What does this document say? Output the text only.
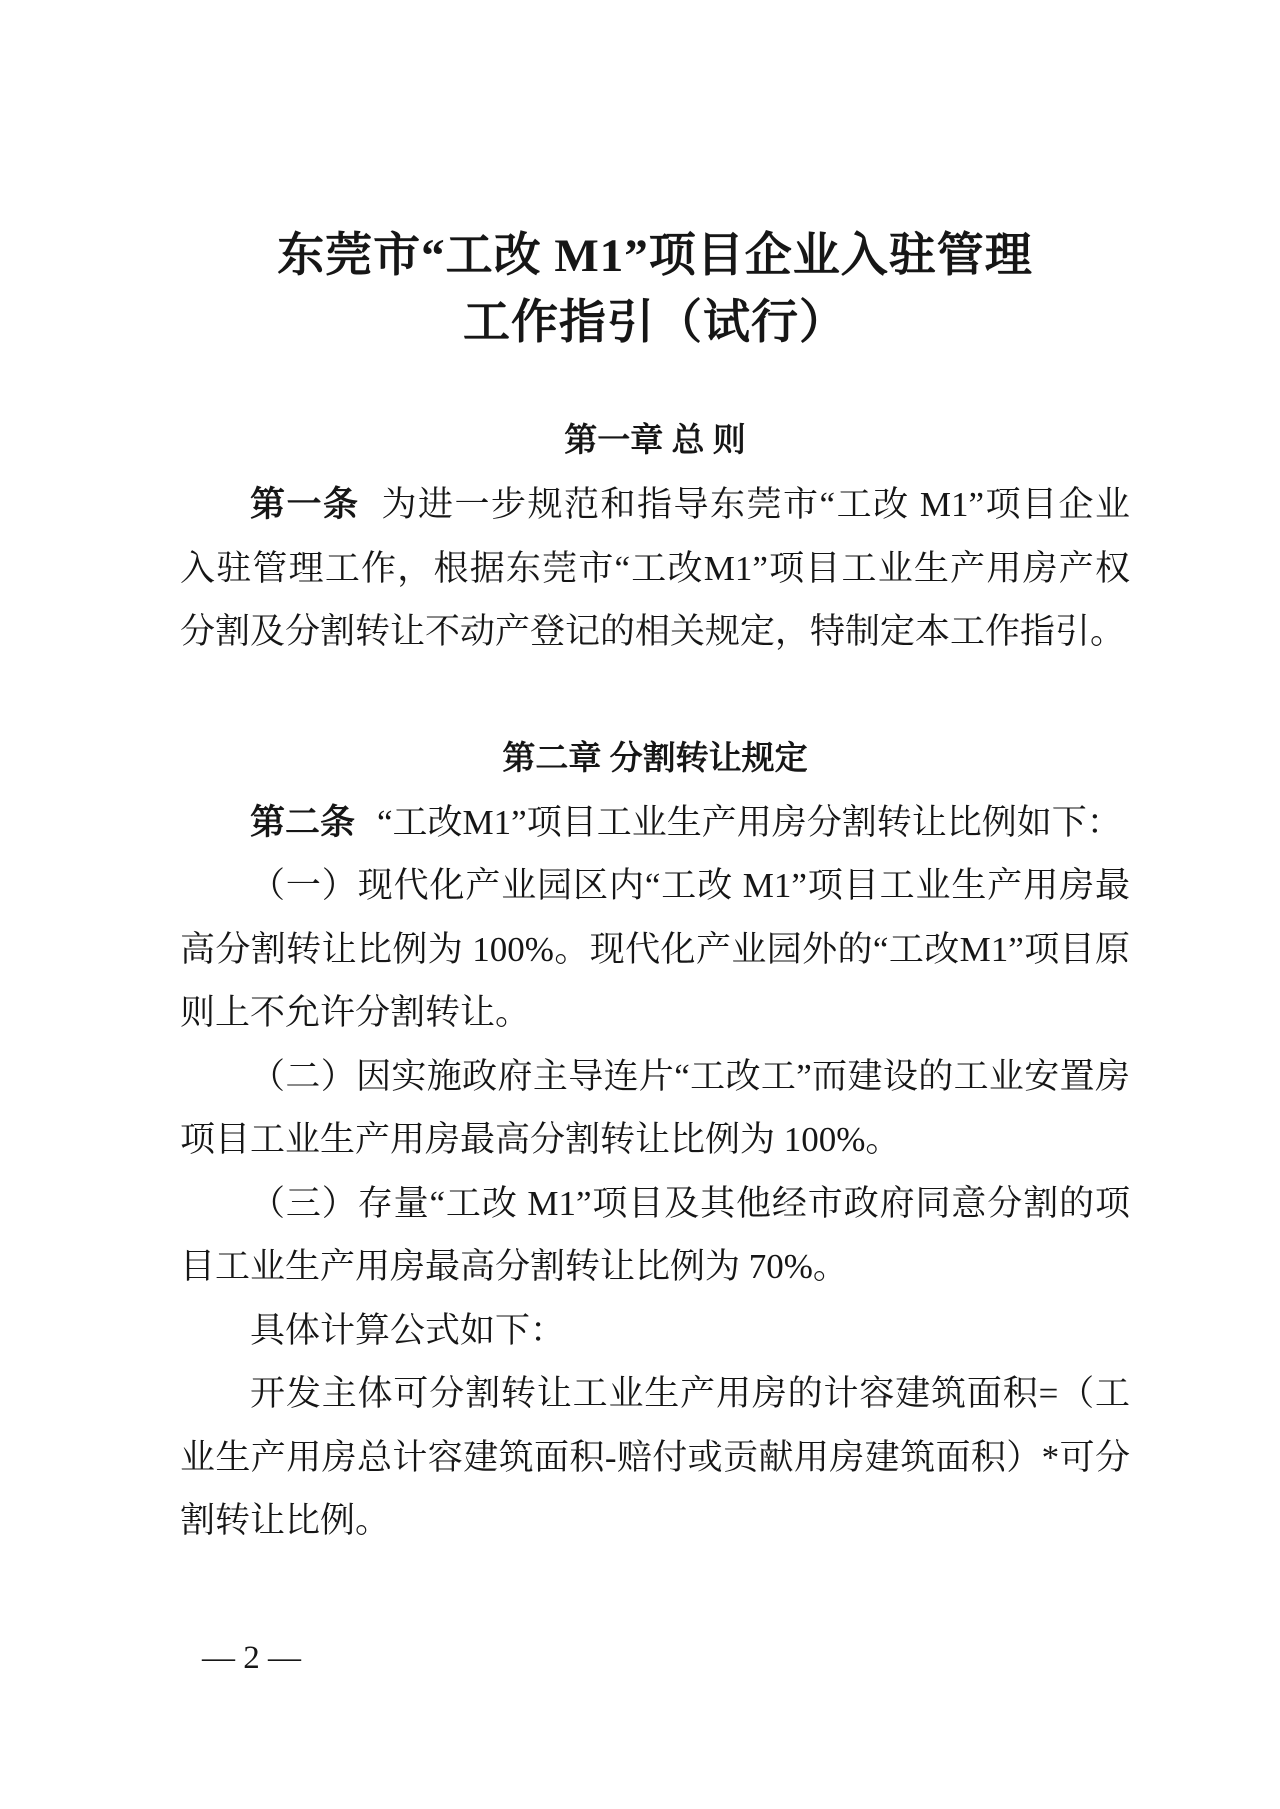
东莞市“工改 M1”项目企业入驻管理
工作指引（试行）
第一章 总 则

第一条 为进一步规范和指导东莞市“工改 M1”项目企业入驻管理工作，根据东莞市“工改M1”项目工业生产用房产权分割及分割转让不动产登记的相关规定，特制定本工作指引。

第二章 分割转让规定

第二条 “工改M1”项目工业生产用房分割转让比例如下：

（一）现代化产业园区内“工改 M1”项目工业生产用房最高分割转让比例为 100%。现代化产业园外的“工改M1”项目原则上不允许分割转让。

（二）因实施政府主导连片“工改工”而建设的工业安置房项目工业生产用房最高分割转让比例为 100%。

（三）存量“工改 M1”项目及其他经市政府同意分割的项目工业生产用房最高分割转让比例为 70%。

具体计算公式如下：

开发主体可分割转让工业生产用房的计容建筑面积=（工业生产用房总计容建筑面积-赔付或贡献用房建筑面积）*可分割转让比例。

— 2 —
